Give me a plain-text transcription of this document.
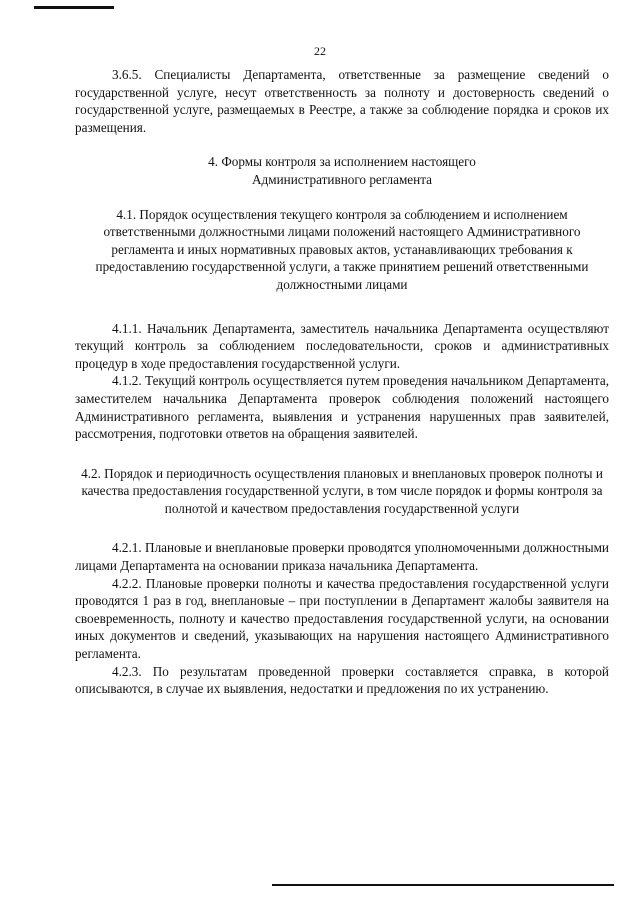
22

3.6.5. Специалисты Департамента, ответственные за размещение сведений о государственной услуге, несут ответственность за полноту и достоверность сведений о государственной услуге, размещаемых в Реестре, а также за соблюдение порядка и сроков их размещения.

4. Формы контроля за исполнением настоящего Административного регламента

4.1. Порядок осуществления текущего контроля за соблюдением и исполнением ответственными должностными лицами положений настоящего Административного регламента и иных нормативных правовых актов, устанавливающих требования к предоставлению государственной услуги, а также принятием решений ответственными должностными лицами

4.1.1. Начальник Департамента, заместитель начальника Департамента осуществляют текущий контроль за соблюдением последовательности, сроков и административных процедур в ходе предоставления государственной услуги.

4.1.2. Текущий контроль осуществляется путем проведения начальником Департамента, заместителем начальника Департамента проверок соблюдения положений настоящего Административного регламента, выявления и устранения нарушенных прав заявителей, рассмотрения, подготовки ответов на обращения заявителей.

4.2. Порядок и периодичность осуществления плановых и внеплановых проверок полноты и качества предоставления государственной услуги, в том числе порядок и формы контроля за полнотой и качеством предоставления государственной услуги

4.2.1. Плановые и внеплановые проверки проводятся уполномоченными должностными лицами Департамента на основании приказа начальника Департамента.

4.2.2. Плановые проверки полноты и качества предоставления государственной услуги проводятся 1 раз в год, внеплановые – при поступлении в Департамент жалобы заявителя на своевременность, полноту и качество предоставления государственной услуги, на основании иных документов и сведений, указывающих на нарушения настоящего Административного регламента.

4.2.3. По результатам проведенной проверки составляется справка, в которой описываются, в случае их выявления, недостатки и предложения по их устранению.
